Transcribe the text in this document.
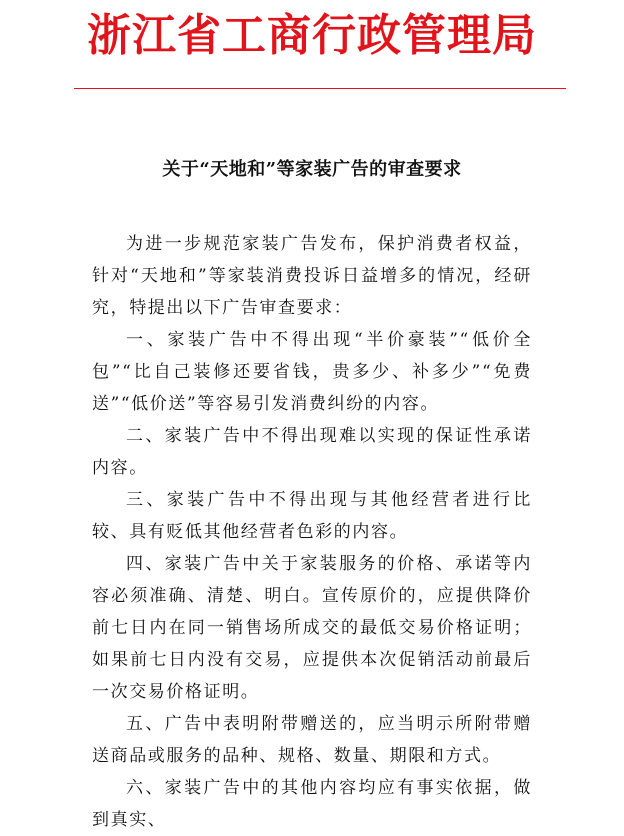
浙江省工商行政管理局
关于“天地和”等家装广告的审查要求

为进一步规范家装广告发布，保护消费者权益，针对“天地和”等家装消费投诉日益增多的情况，经研究，特提出以下广告审查要求：

一、家装广告中不得出现“半价豪装”“低价全包”“比自己装修还要省钱，贵多少、补多少”“免费送”“低价送”等容易引发消费纠纷的内容。

二、家装广告中不得出现难以实现的保证性承诺内容。

三、家装广告中不得出现与其他经营者进行比较、具有贬低其他经营者色彩的内容。

四、家装广告中关于家装服务的价格、承诺等内容必须准确、清楚、明白。宣传原价的，应提供降价前七日内在同一销售场所成交的最低交易价格证明；如果前七日内没有交易，应提供本次促销活动前最后一次交易价格证明。

五、广告中表明附带赠送的，应当明示所附带赠送商品或服务的品种、规格、数量、期限和方式。

六、家装广告中的其他内容均应有事实依据，做到真实、
